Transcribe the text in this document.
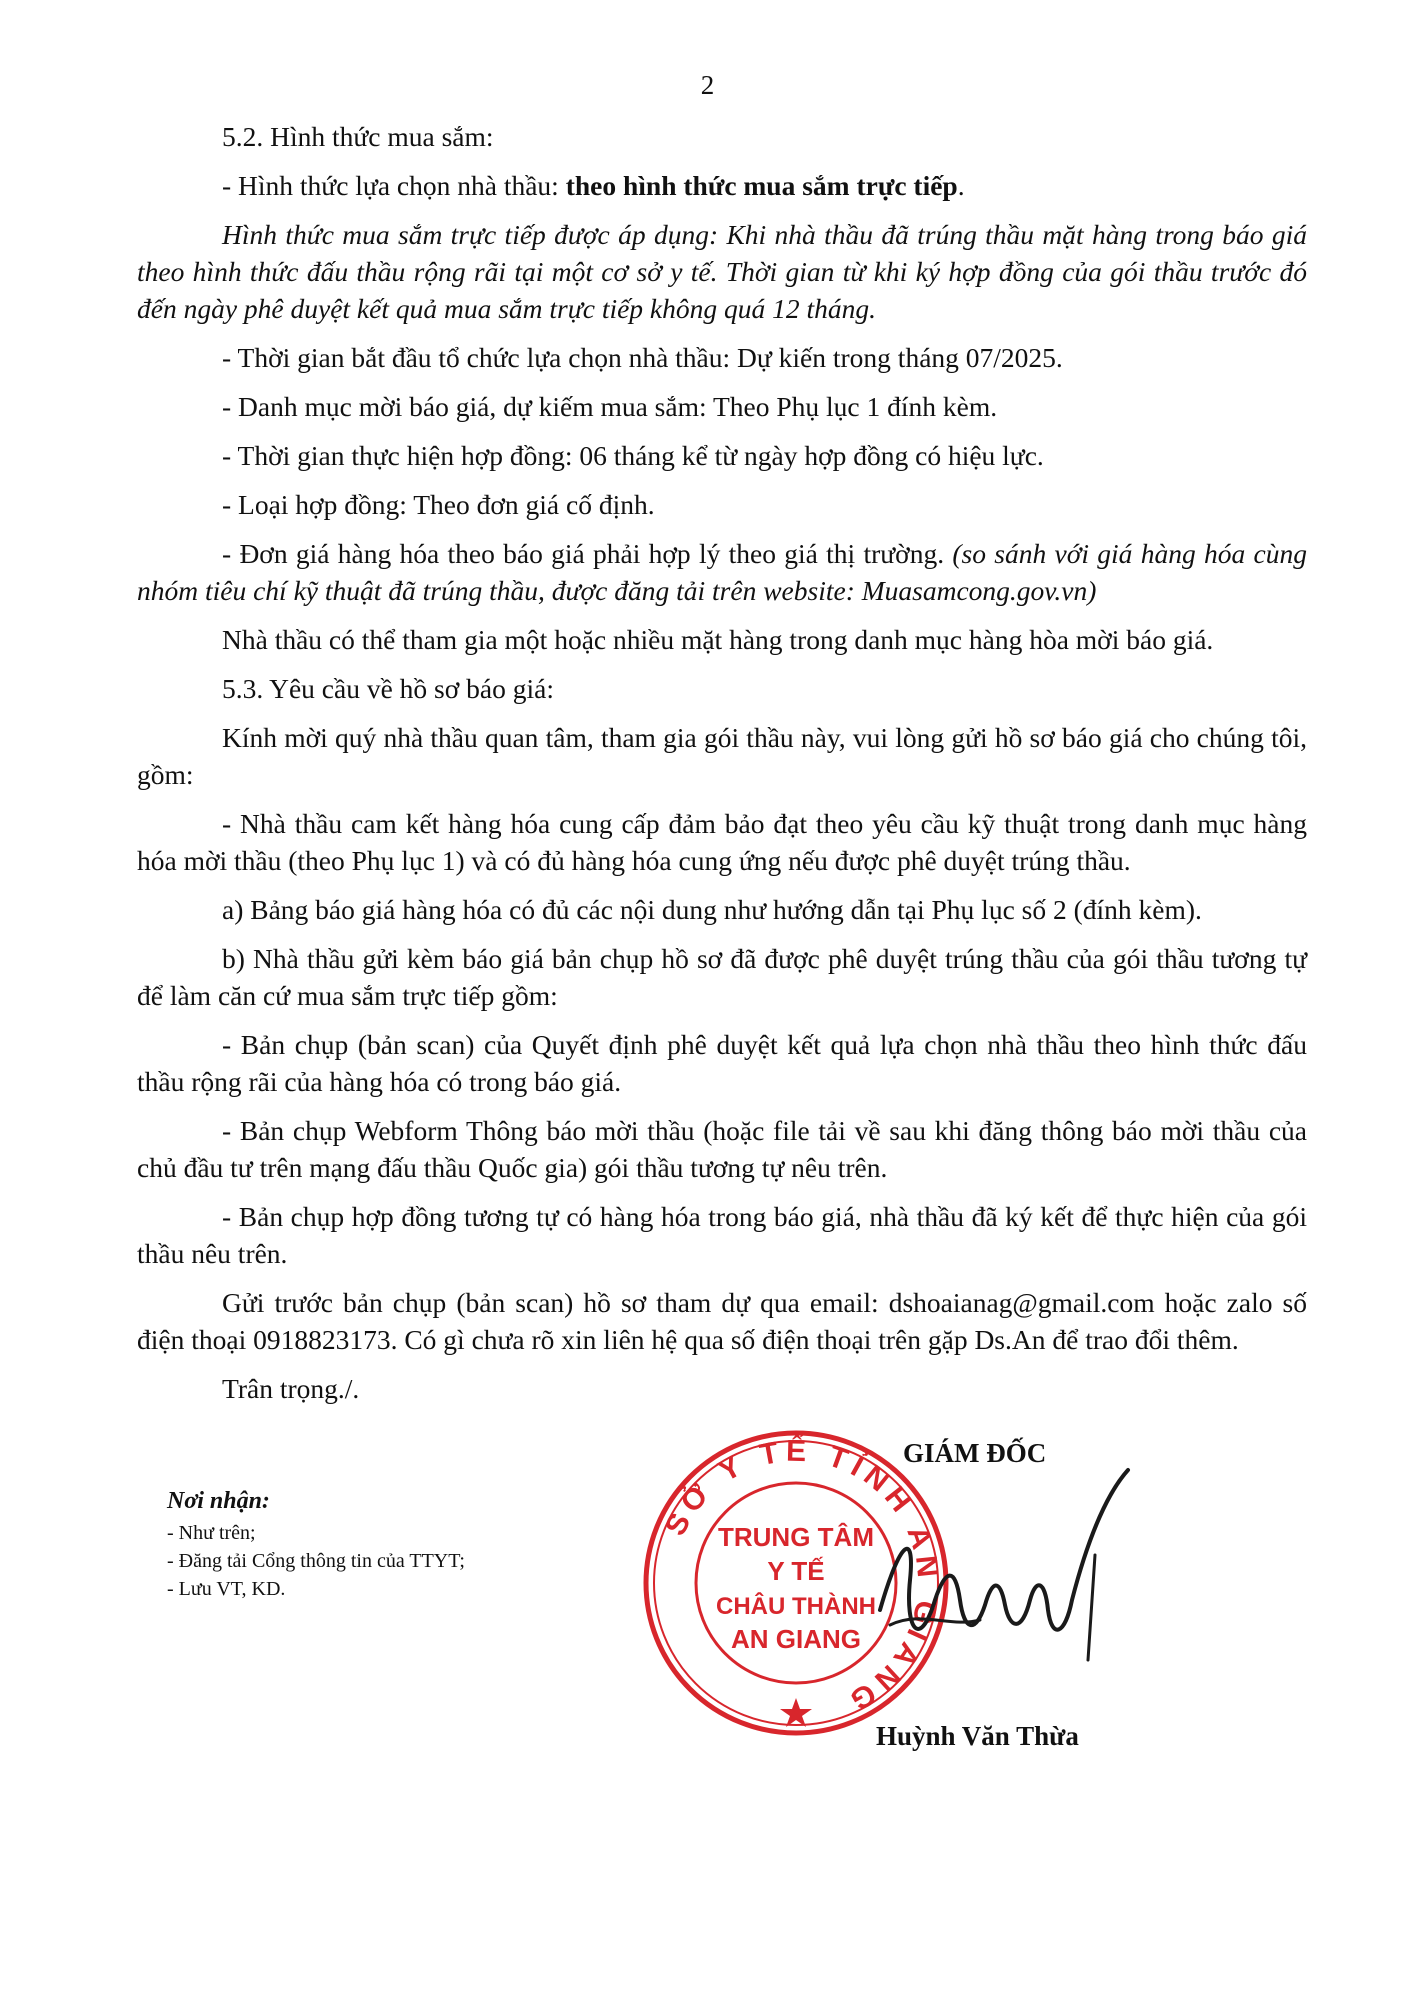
2

5.2. Hình thức mua sắm:

- Hình thức lựa chọn nhà thầu: theo hình thức mua sắm trực tiếp.

Hình thức mua sắm trực tiếp được áp dụng: Khi nhà thầu đã trúng thầu mặt hàng trong báo giá theo hình thức đấu thầu rộng rãi tại một cơ sở y tế. Thời gian từ khi ký hợp đồng của gói thầu trước đó đến ngày phê duyệt kết quả mua sắm trực tiếp không quá 12 tháng.

- Thời gian bắt đầu tổ chức lựa chọn nhà thầu: Dự kiến trong tháng 07/2025.

- Danh mục mời báo giá, dự kiếm mua sắm: Theo Phụ lục 1 đính kèm.

- Thời gian thực hiện hợp đồng: 06 tháng kể từ ngày hợp đồng có hiệu lực.

- Loại hợp đồng: Theo đơn giá cố định.

- Đơn giá hàng hóa theo báo giá phải hợp lý theo giá thị trường. (so sánh với giá hàng hóa cùng nhóm tiêu chí kỹ thuật đã trúng thầu, được đăng tải trên website: Muasamcong.gov.vn)

Nhà thầu có thể tham gia một hoặc nhiều mặt hàng trong danh mục hàng hòa mời báo giá.

5.3. Yêu cầu về hồ sơ báo giá:

Kính mời quý nhà thầu quan tâm, tham gia gói thầu này, vui lòng gửi hồ sơ báo giá cho chúng tôi, gồm:

- Nhà thầu cam kết hàng hóa cung cấp đảm bảo đạt theo yêu cầu kỹ thuật trong danh mục hàng hóa mời thầu (theo Phụ lục 1) và có đủ hàng hóa cung ứng nếu được phê duyệt trúng thầu.

a) Bảng báo giá hàng hóa có đủ các nội dung như hướng dẫn tại Phụ lục số 2 (đính kèm).

b) Nhà thầu gửi kèm báo giá bản chụp hồ sơ đã được phê duyệt trúng thầu của gói thầu tương tự để làm căn cứ mua sắm trực tiếp gồm:

- Bản chụp (bản scan) của Quyết định phê duyệt kết quả lựa chọn nhà thầu theo hình thức đấu thầu rộng rãi của hàng hóa có trong báo giá.

- Bản chụp Webform Thông báo mời thầu (hoặc file tải về sau khi đăng thông báo mời thầu của chủ đầu tư trên mạng đấu thầu Quốc gia) gói thầu tương tự nêu trên.

- Bản chụp hợp đồng tương tự có hàng hóa trong báo giá, nhà thầu đã ký kết để thực hiện của gói thầu nêu trên.

Gửi trước bản chụp (bản scan) hồ sơ tham dự qua email: dshoaianag@gmail.com hoặc zalo số điện thoại 0918823173. Có gì chưa rõ xin liên hệ qua số điện thoại trên gặp Ds.An để trao đổi thêm.

Trân trọng./.

Nơi nhận:
- Như trên;
- Đăng tải Cổng thông tin của TTYT;
- Lưu VT, KD.
GIÁM ĐỐC
SỞ Y TẾ TỈNH AN GIANG
TRUNG TÂM
Y TẾ
CHÂU THÀNH
AN GIANG
Huỳnh Văn Thừa
